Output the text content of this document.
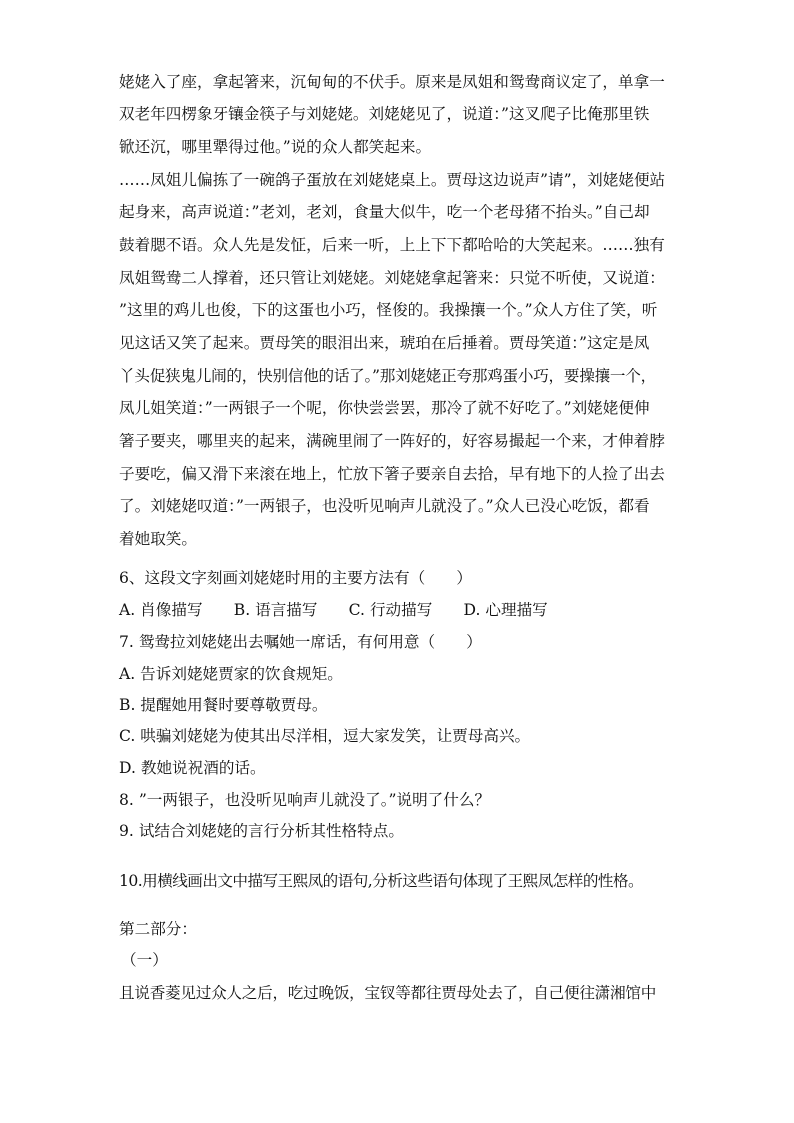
姥姥入了座，拿起箸来，沉甸甸的不伏手。原来是凤姐和鸳鸯商议定了，单拿一
双老年四楞象牙镶金筷子与刘姥姥。刘姥姥见了，说道：”这叉爬子比俺那里铁
锨还沉，哪里犟得过他。”说的众人都笑起来。
……凤姐儿偏拣了一碗鸽子蛋放在刘姥姥桌上。贾母这边说声”请”，刘姥姥便站
起身来，高声说道：”老刘，老刘，食量大似牛，吃一个老母猪不抬头。”自己却
鼓着腮不语。众人先是发怔，后来一听，上上下下都哈哈的大笑起来。……独有
凤姐鸳鸯二人撑着，还只管让刘姥姥。刘姥姥拿起箸来：只觉不听使，又说道：
”这里的鸡儿也俊，下的这蛋也小巧，怪俊的。我操攘一个。”众人方住了笑，听
见这话又笑了起来。贾母笑的眼泪出来，琥珀在后捶着。贾母笑道：”这定是凤
丫头促狭鬼儿闹的，快别信他的话了。”那刘姥姥正夸那鸡蛋小巧，要操攘一个，
凤儿姐笑道：”一两银子一个呢，你快尝尝罢，那冷了就不好吃了。”刘姥姥便伸
箸子要夹，哪里夹的起来，满碗里闹了一阵好的，好容易撮起一个来，才伸着脖
子要吃，偏又滑下来滚在地上，忙放下箸子要亲自去拾，早有地下的人捡了出去
了。刘姥姥叹道：”一两银子，也没听见响声儿就没了。”众人已没心吃饭，都看
着她取笑。
6、这段文字刻画刘姥姥时用的主要方法有（　　）
A. 肖像描写　　B. 语言描写　　C. 行动描写　　D. 心理描写
7. 鸳鸯拉刘姥姥出去嘱她一席话，有何用意（　　）
A. 告诉刘姥姥贾家的饮食规矩。
B. 提醒她用餐时要尊敬贾母。
C. 哄骗刘姥姥为使其出尽洋相，逗大家发笑，让贾母高兴。
D. 教她说祝酒的话。
8. ”一两银子，也没听见响声儿就没了。”说明了什么？
9. 试结合刘姥姥的言行分析其性格特点。
10.用横线画出文中描写王熙凤的语句,分析这些语句体现了王熙凤怎样的性格。
第二部分：
（一）
且说香菱见过众人之后，吃过晚饭，宝钗等都往贾母处去了，自己便往潇湘馆中
